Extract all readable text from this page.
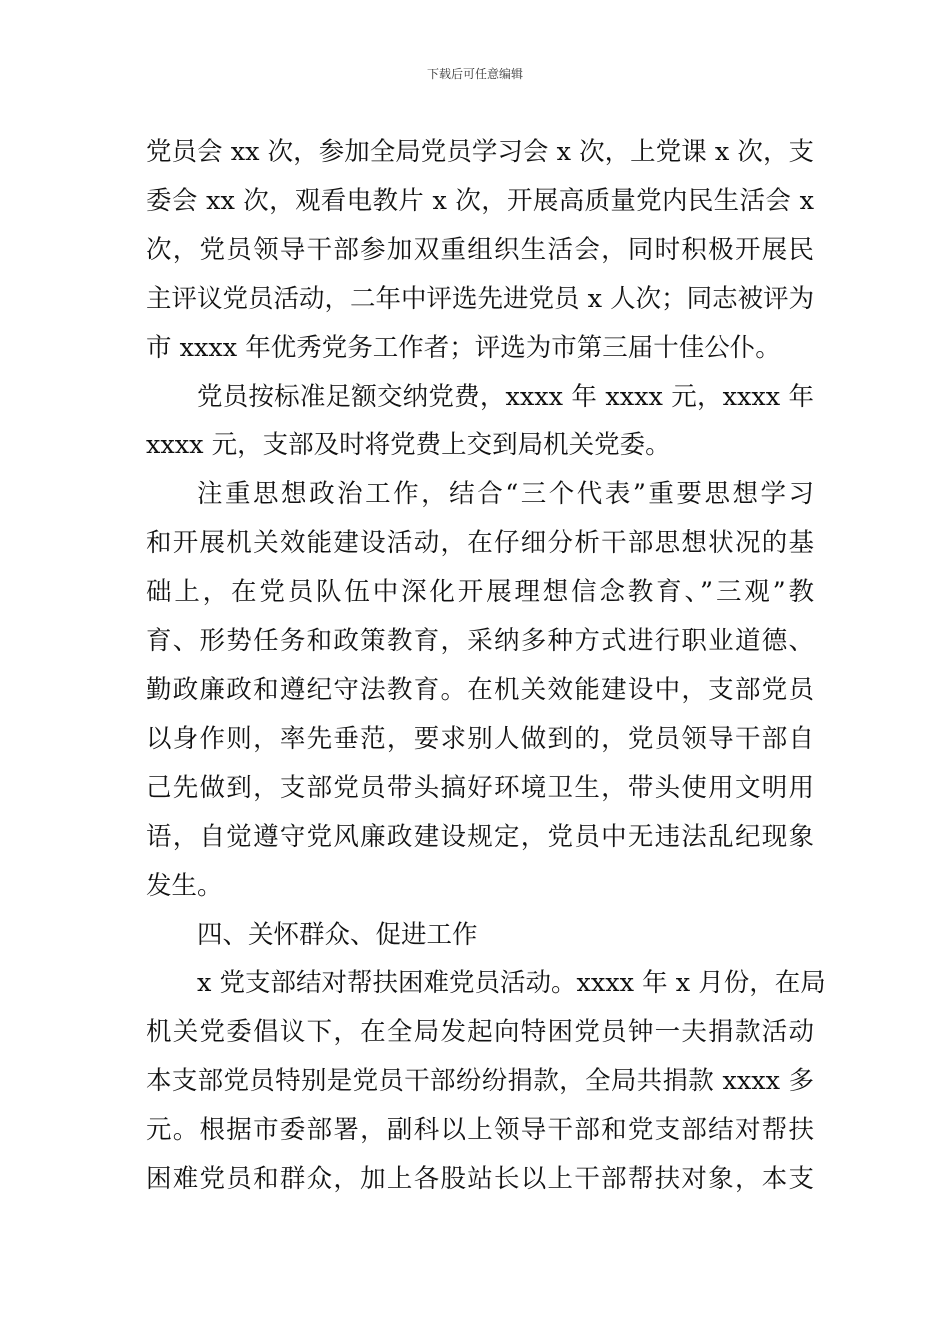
下载后可任意编辑
党员会 xx 次，参加全局党员学习会 x 次，上党课 x 次，支
委会 xx 次，观看电教片 x 次，开展高质量党内民生活会 x
次，党员领导干部参加双重组织生活会，同时积极开展民
主评议党员活动，二年中评选先进党员 x 人次；同志被评为
市 xxxx 年优秀党务工作者；评选为市第三届十佳公仆。
党员按标准足额交纳党费，xxxx 年 xxxx 元，xxxx 年
xxxx 元，支部及时将党费上交到局机关党委。
注重思想政治工作，结合“三个代表”重要思想学习
和开展机关效能建设活动，在仔细分析干部思想状况的基
础上，在党员队伍中深化开展理想信念教育、”三观”教
育、形势任务和政策教育，采纳多种方式进行职业道德、
勤政廉政和遵纪守法教育。在机关效能建设中，支部党员
以身作则，率先垂范，要求别人做到的，党员领导干部自
己先做到，支部党员带头搞好环境卫生，带头使用文明用
语，自觉遵守党风廉政建设规定，党员中无违法乱纪现象
发生。
四、关怀群众、促进工作
x 党支部结对帮扶困难党员活动。xxxx 年 x 月份，在局
机关党委倡议下，在全局发起向特困党员钟一夫捐款活动
本支部党员特别是党员干部纷纷捐款，全局共捐款 xxxx 多
元。根据市委部署，副科以上领导干部和党支部结对帮扶
困难党员和群众，加上各股站长以上干部帮扶对象，本支
